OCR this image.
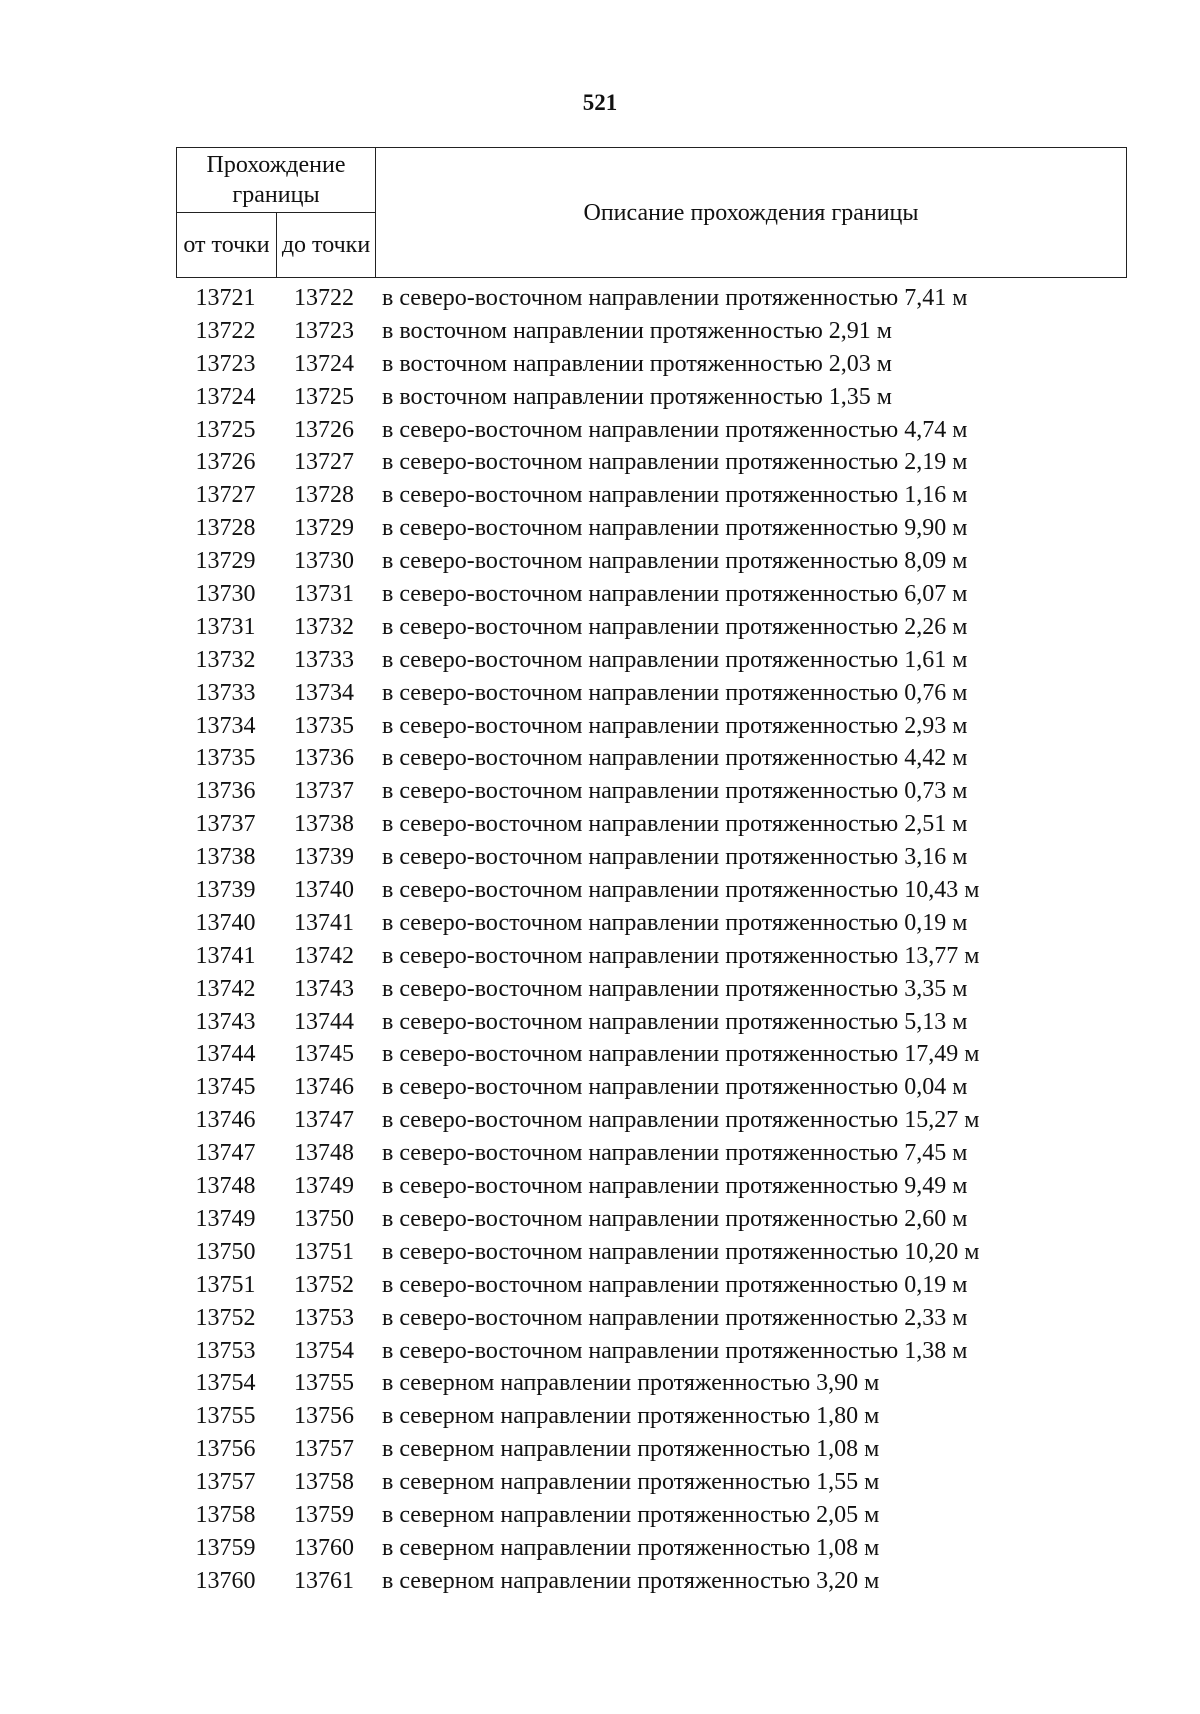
521
Прохождение границы		Описание прохождения границы
от точки	до точки	
13721	13722	в северо-восточном направлении протяженностью 7,41 м
13722	13723	в восточном направлении протяженностью 2,91 м
13723	13724	в восточном направлении протяженностью 2,03 м
13724	13725	в восточном направлении протяженностью 1,35 м
13725	13726	в северо-восточном направлении протяженностью 4,74 м
13726	13727	в северо-восточном направлении протяженностью 2,19 м
13727	13728	в северо-восточном направлении протяженностью 1,16 м
13728	13729	в северо-восточном направлении протяженностью 9,90 м
13729	13730	в северо-восточном направлении протяженностью 8,09 м
13730	13731	в северо-восточном направлении протяженностью 6,07 м
13731	13732	в северо-восточном направлении протяженностью 2,26 м
13732	13733	в северо-восточном направлении протяженностью 1,61 м
13733	13734	в северо-восточном направлении протяженностью 0,76 м
13734	13735	в северо-восточном направлении протяженностью 2,93 м
13735	13736	в северо-восточном направлении протяженностью 4,42 м
13736	13737	в северо-восточном направлении протяженностью 0,73 м
13737	13738	в северо-восточном направлении протяженностью 2,51 м
13738	13739	в северо-восточном направлении протяженностью 3,16 м
13739	13740	в северо-восточном направлении протяженностью 10,43 м
13740	13741	в северо-восточном направлении протяженностью 0,19 м
13741	13742	в северо-восточном направлении протяженностью 13,77 м
13742	13743	в северо-восточном направлении протяженностью 3,35 м
13743	13744	в северо-восточном направлении протяженностью 5,13 м
13744	13745	в северо-восточном направлении протяженностью 17,49 м
13745	13746	в северо-восточном направлении протяженностью 0,04 м
13746	13747	в северо-восточном направлении протяженностью 15,27 м
13747	13748	в северо-восточном направлении протяженностью 7,45 м
13748	13749	в северо-восточном направлении протяженностью 9,49 м
13749	13750	в северо-восточном направлении протяженностью 2,60 м
13750	13751	в северо-восточном направлении протяженностью 10,20 м
13751	13752	в северо-восточном направлении протяженностью 0,19 м
13752	13753	в северо-восточном направлении протяженностью 2,33 м
13753	13754	в северо-восточном направлении протяженностью 1,38 м
13754	13755	в северном направлении протяженностью 3,90 м
13755	13756	в северном направлении протяженностью 1,80 м
13756	13757	в северном направлении протяженностью 1,08 м
13757	13758	в северном направлении протяженностью 1,55 м
13758	13759	в северном направлении протяженностью 2,05 м
13759	13760	в северном направлении протяженностью 1,08 м
13760	13761	в северном направлении протяженностью 3,20 м
